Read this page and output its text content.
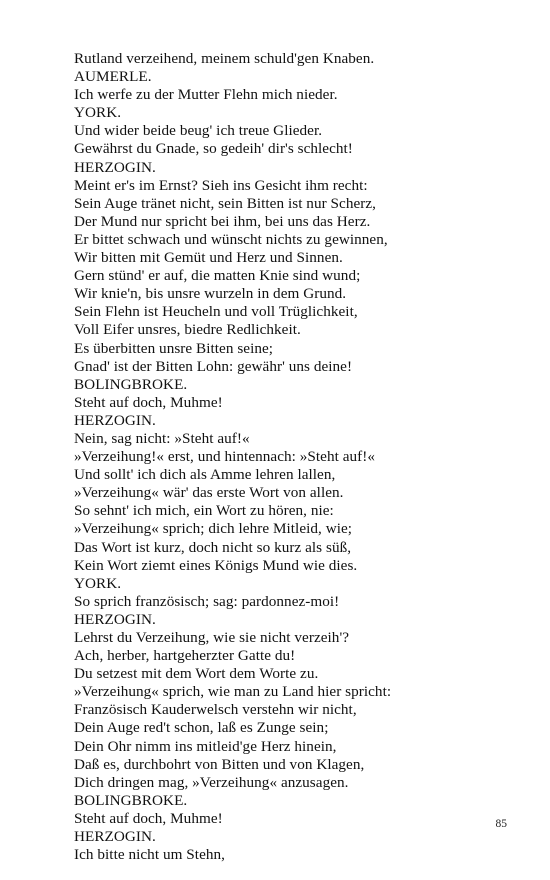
Rutland verzeihend, meinem schuld'gen Knaben.
AUMERLE.
Ich werfe zu der Mutter Flehn mich nieder.
YORK.
Und wider beide beug' ich treue Glieder.
Gewährst du Gnade, so gedeih' dir's schlecht!
HERZOGIN.
Meint er's im Ernst? Sieh ins Gesicht ihm recht:
Sein Auge tränet nicht, sein Bitten ist nur Scherz,
Der Mund nur spricht bei ihm, bei uns das Herz.
Er bittet schwach und wünscht nichts zu gewinnen,
Wir bitten mit Gemüt und Herz und Sinnen.
Gern stünd' er auf, die matten Knie sind wund;
Wir knie'n, bis unsre wurzeln in dem Grund.
Sein Flehn ist Heucheln und voll Trüglichkeit,
Voll Eifer unsres, biedre Redlichkeit.
Es überbitten unsre Bitten seine;
Gnad' ist der Bitten Lohn: gewähr' uns deine!
BOLINGBROKE.
Steht auf doch, Muhme!
HERZOGIN.
Nein, sag nicht: »Steht auf!«
»Verzeihung!« erst, und hintennach: »Steht auf!«
Und sollt' ich dich als Amme lehren lallen,
»Verzeihung« wär' das erste Wort von allen.
So sehnt' ich mich, ein Wort zu hören, nie:
»Verzeihung« sprich; dich lehre Mitleid, wie;
Das Wort ist kurz, doch nicht so kurz als süß,
Kein Wort ziemt eines Königs Mund wie dies.
YORK.
So sprich französisch; sag: pardonnez-moi!
HERZOGIN.
Lehrst du Verzeihung, wie sie nicht verzeih'?
Ach, herber, hartgeherzter Gatte du!
Du setzest mit dem Wort dem Worte zu.
»Verzeihung« sprich, wie man zu Land hier spricht:
Französisch Kauderwelsch verstehn wir nicht,
Dein Auge red't schon, laß es Zunge sein;
Dein Ohr nimm ins mitleid'ge Herz hinein,
Daß es, durchbohrt von Bitten und von Klagen,
Dich dringen mag, »Verzeihung« anzusagen.
BOLINGBROKE.
Steht auf doch, Muhme!
HERZOGIN.
Ich bitte nicht um Stehn,
85
